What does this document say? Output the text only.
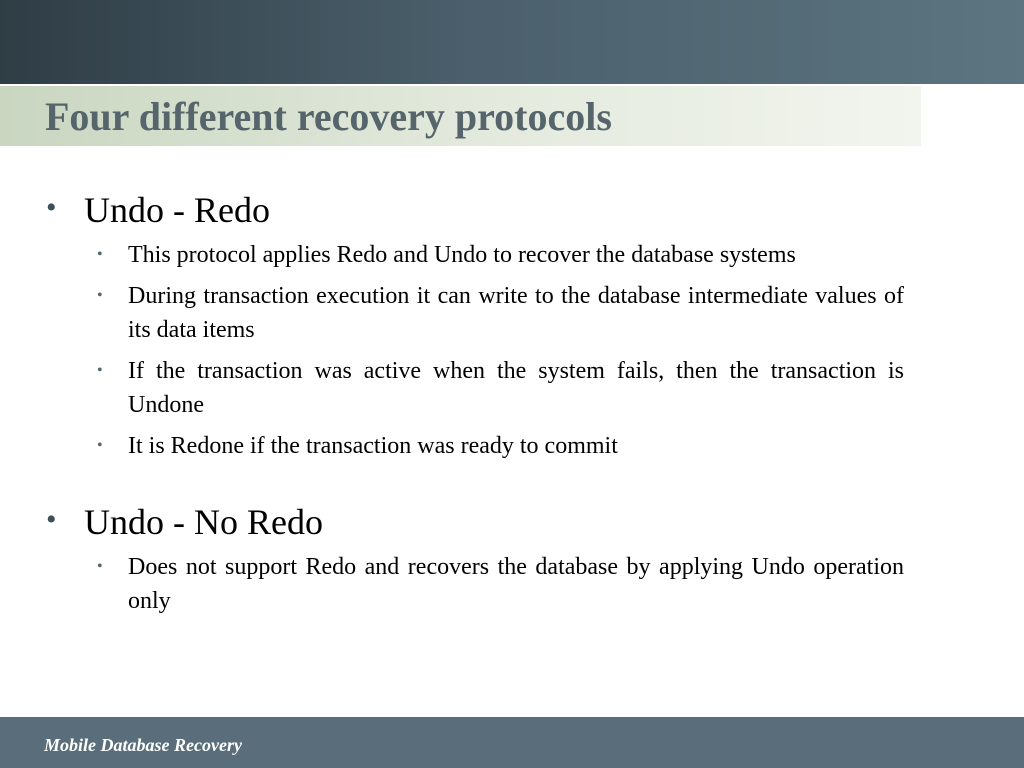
Four different recovery protocols
• Undo - Redo
• This protocol applies Redo and Undo to recover the database systems
• During transaction execution it can write to the database intermediate values of its data items
• If the transaction was active when the system fails, then the transaction is Undone
• It is Redone if the transaction was ready to commit
• Undo - No Redo
• Does not support Redo and recovers the database by applying Undo operation only
Mobile Database Recovery
